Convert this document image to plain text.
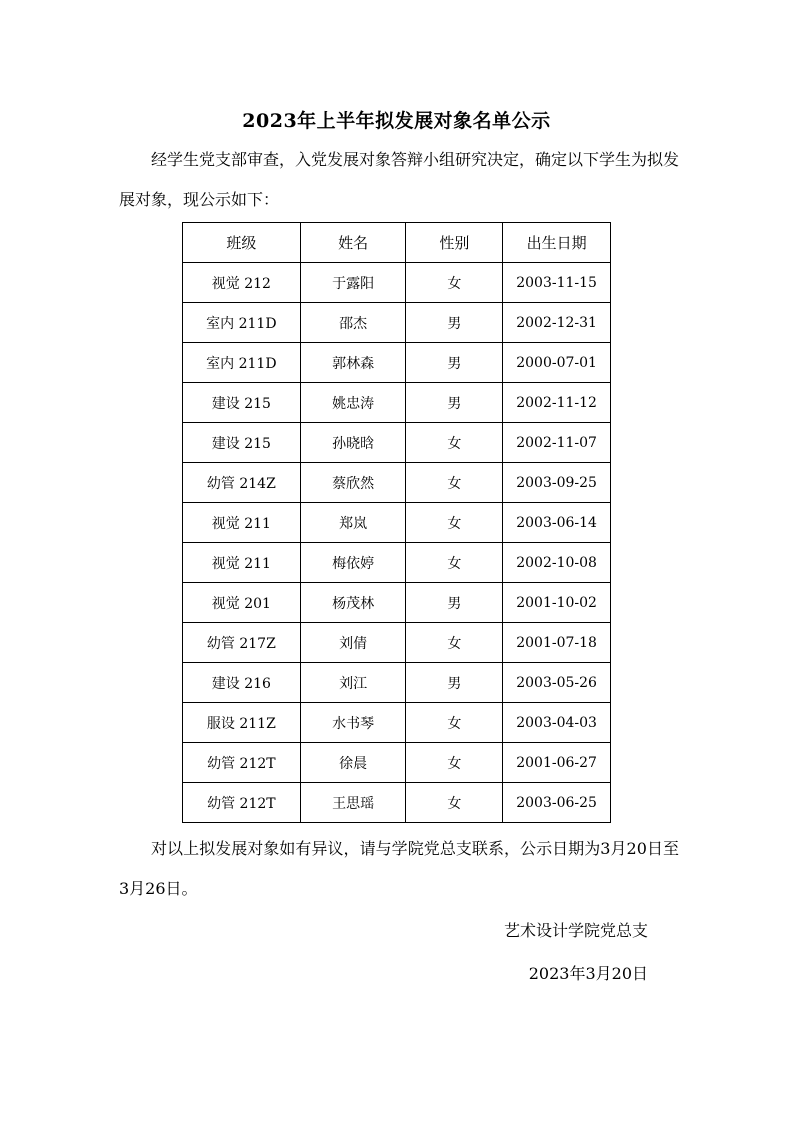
2023年上半年拟发展对象名单公示

经学生党支部审查，入党发展对象答辩小组研究决定，确定以下学生为拟发展对象，现公示如下：

班级	姓名	性别	出生日期
视觉 212	于露阳	女	2003-11-15
室内 211D	邵杰	男	2002-12-31
室内 211D	郭林森	男	2000-07-01
建设 215	姚忠涛	男	2002-11-12
建设 215	孙晓晗	女	2002-11-07
幼管 214Z	蔡欣然	女	2003-09-25
视觉 211	郑岚	女	2003-06-14
视觉 211	梅依婷	女	2002-10-08
视觉 201	杨茂林	男	2001-10-02
幼管 217Z	刘倩	女	2001-07-18
建设 216	刘江	男	2003-05-26
服设 211Z	水书琴	女	2003-04-03
幼管 212T	徐晨	女	2001-06-27
幼管 212T	王思瑶	女	2003-06-25

对以上拟发展对象如有异议，请与学院党总支联系，公示日期为3月20日至3月26日。

艺术设计学院党总支
2023年3月20日
